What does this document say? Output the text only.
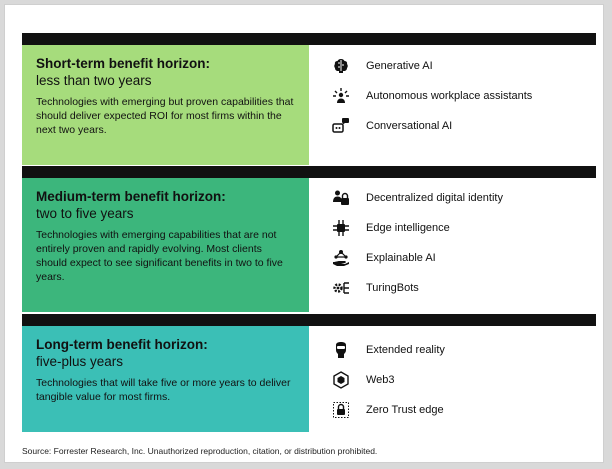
Short-term benefit horizon:

less than two years

Technologies with emerging but proven capabilities that should deliver expected ROI for most firms within the next two years.

Generative AI
Autonomous workplace assistants
Conversational AI

Medium-term benefit horizon:

two to five years

Technologies with emerging capabilities that are not entirely proven and rapidly evolving. Most clients should expect to see significant benefits in two to five years.

Decentralized digital identity
Edge intelligence
Explainable AI
TuringBots

Long-term benefit horizon:

five-plus years

Technologies that will take five or more years to deliver tangible value for most firms.

Extended reality
Web3
Zero Trust edge
Source: Forrester Research, Inc. Unauthorized reproduction, citation, or distribution prohibited.
